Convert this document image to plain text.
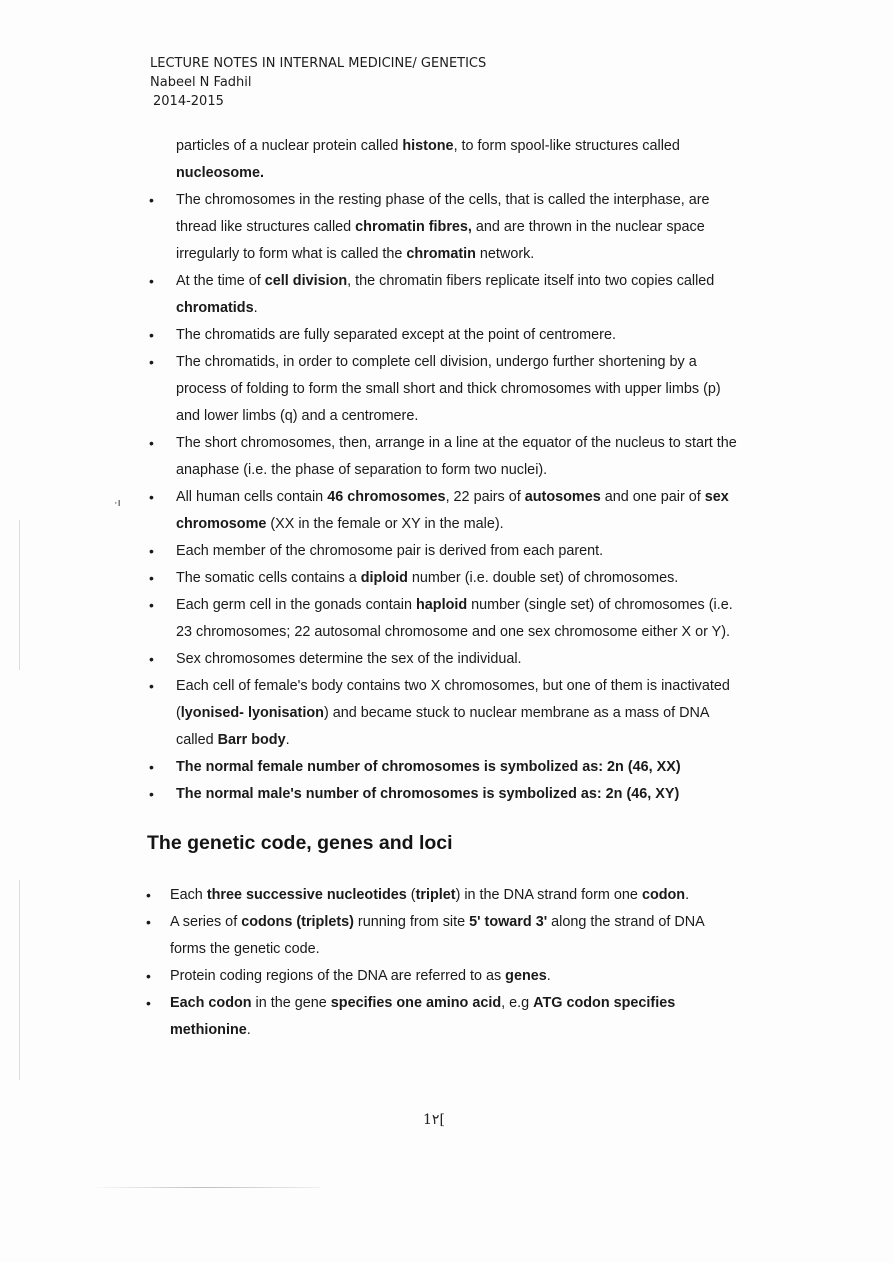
LECTURE NOTES IN INTERNAL MEDICINE/ GENETICS
Nabeel N Fadhil
2014-2015
·ı
particles of a nuclear protein called histone, to form spool-like structures called nucleosome.
• The chromosomes in the resting phase of the cells, that is called the interphase, are thread like structures called chromatin fibres, and are thrown in the nuclear space irregularly to form what is called the chromatin network.
• At the time of cell division, the chromatin fibers replicate itself into two copies called chromatids.
• The chromatids are fully separated except at the point of centromere.
• The chromatids, in order to complete cell division, undergo further shortening by a process of folding to form the small short and thick chromosomes with upper limbs (p) and lower limbs (q) and a centromere.
• The short chromosomes, then, arrange in a line at the equator of the nucleus to start the anaphase (i.e. the phase of separation to form two nuclei).
• All human cells contain 46 chromosomes, 22 pairs of autosomes and one pair of sex chromosome (XX in the female or XY in the male).
• Each member of the chromosome pair is derived from each parent.
• The somatic cells contains a diploid number (i.e. double set) of chromosomes.
• Each germ cell in the gonads contain haploid number (single set) of chromosomes (i.e. 23 chromosomes; 22 autosomal chromosome and one sex chromosome either X or Y).
• Sex chromosomes determine the sex of the individual.
• Each cell of female's body contains two X chromosomes, but one of them is inactivated (lyonised- lyonisation) and became stuck to nuclear membrane as a mass of DNA called Barr body.
• The normal female number of chromosomes is symbolized as: 2n (46, XX)
• The normal male's number of chromosomes is symbolized as: 2n (46, XY)
The genetic code, genes and loci
• Each three successive nucleotides (triplet) in the DNA strand form one codon.
• A series of codons (triplets) running from site 5' toward 3' along the strand of DNA forms the genetic code.
• Protein coding regions of the DNA are referred to as genes.
• Each codon in the gene specifies one amino acid, e.g ATG codon specifies methionine.
1٢[
